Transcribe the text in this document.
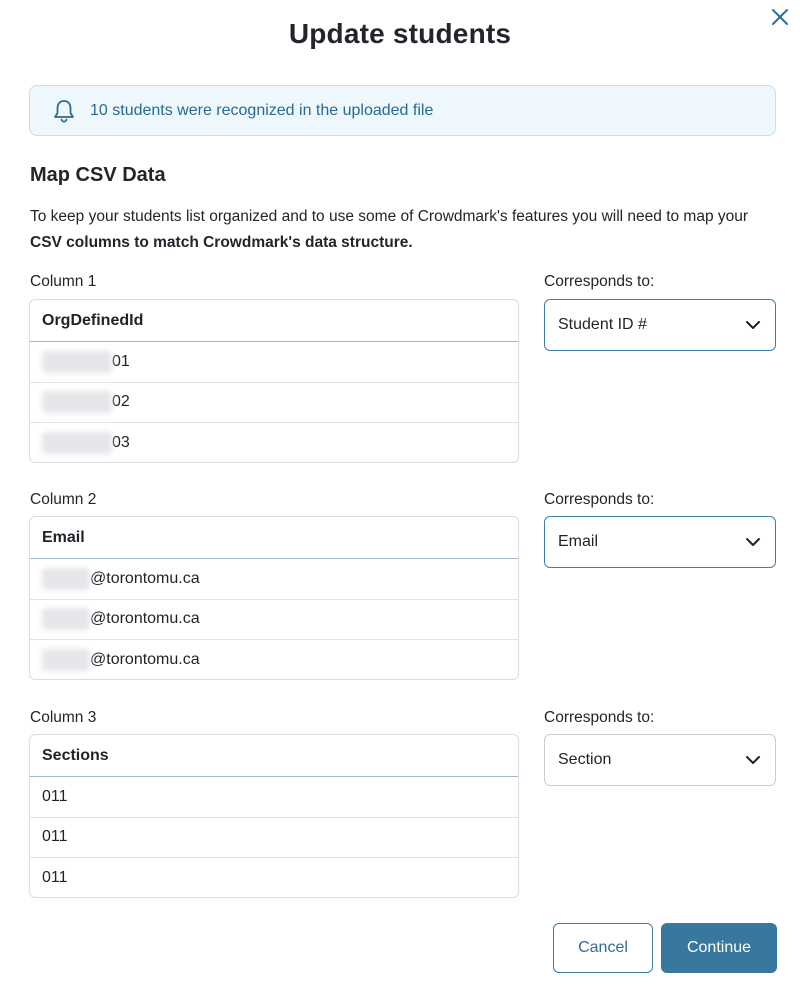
Update students
10 students were recognized in the uploaded file
Map CSV Data

To keep your students list organized and to use some of Crowdmark's features you will need to map your CSV columns to match Crowdmark's data structure.

Column 1	Corresponds to:
OrgDefinedId
01
02
03
Student ID #
Column 2	Corresponds to:
Email
@torontomu.ca
@torontomu.ca
@torontomu.ca
Email
Column 3	Corresponds to:
Sections
011
011
011
Section
Cancel	Continue
